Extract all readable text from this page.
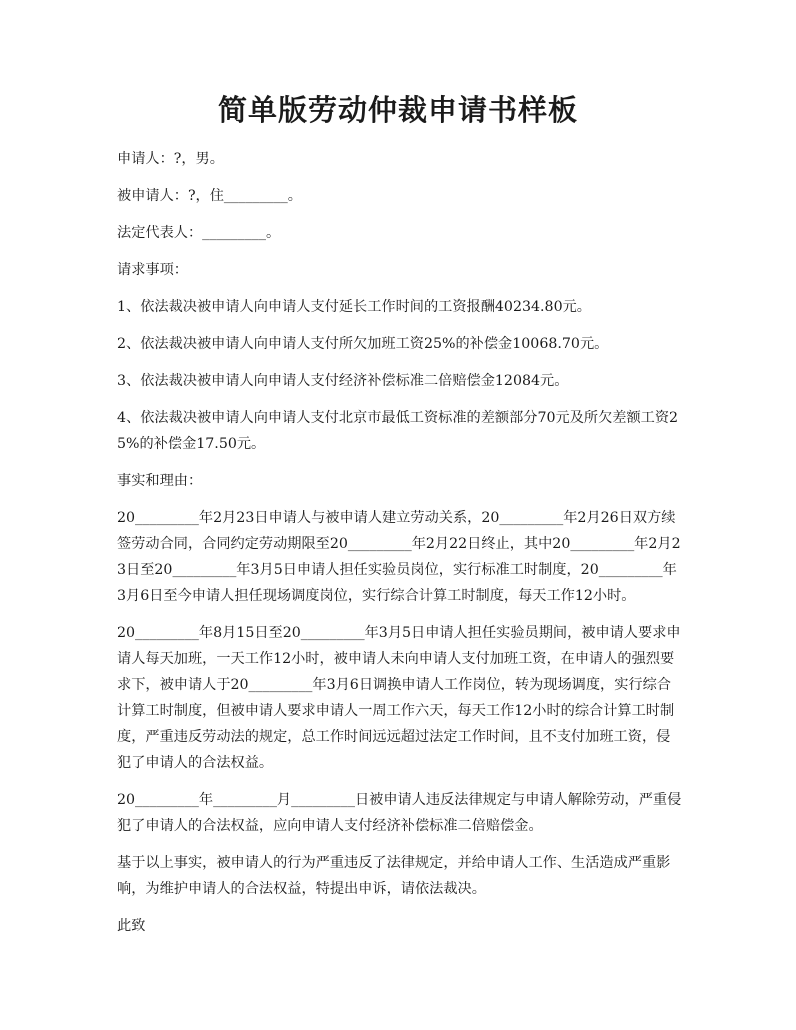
简单版劳动仲裁申请书样板

申请人：?，男。

被申请人：?，住_________。

法定代表人：_________。

请求事项：

1、依法裁决被申请人向申请人支付延长工作时间的工资报酬40234.80元。

2、依法裁决被申请人向申请人支付所欠加班工资25%的补偿金10068.70元。

3、依法裁决被申请人向申请人支付经济补偿标准二倍赔偿金12084元。

4、依法裁决被申请人向申请人支付北京市最低工资标准的差额部分70元及所欠差额工资25%的补偿金17.50元。

事实和理由：

20_________年2月23日申请人与被申请人建立劳动关系，20_________年2月26日双方续签劳动合同，合同约定劳动期限至20_________年2月22日终止，其中20_________年2月23日至20_________年3月5日申请人担任实验员岗位，实行标准工时制度，20_________年3月6日至今申请人担任现场调度岗位，实行综合计算工时制度，每天工作12小时。

20_________年8月15日至20_________年3月5日申请人担任实验员期间，被申请人要求申请人每天加班，一天工作12小时，被申请人未向申请人支付加班工资，在申请人的强烈要求下，被申请人于20_________年3月6日调换申请人工作岗位，转为现场调度，实行综合计算工时制度，但被申请人要求申请人一周工作六天，每天工作12小时的综合计算工时制度，严重违反劳动法的规定，总工作时间远远超过法定工作时间，且不支付加班工资，侵犯了申请人的合法权益。

20_________年_________月_________日被申请人违反法律规定与申请人解除劳动，严重侵犯了申请人的合法权益，应向申请人支付经济补偿标准二倍赔偿金。

基于以上事实，被申请人的行为严重违反了法律规定，并给申请人工作、生活造成严重影响，为维护申请人的合法权益，特提出申诉，请依法裁决。

此致
